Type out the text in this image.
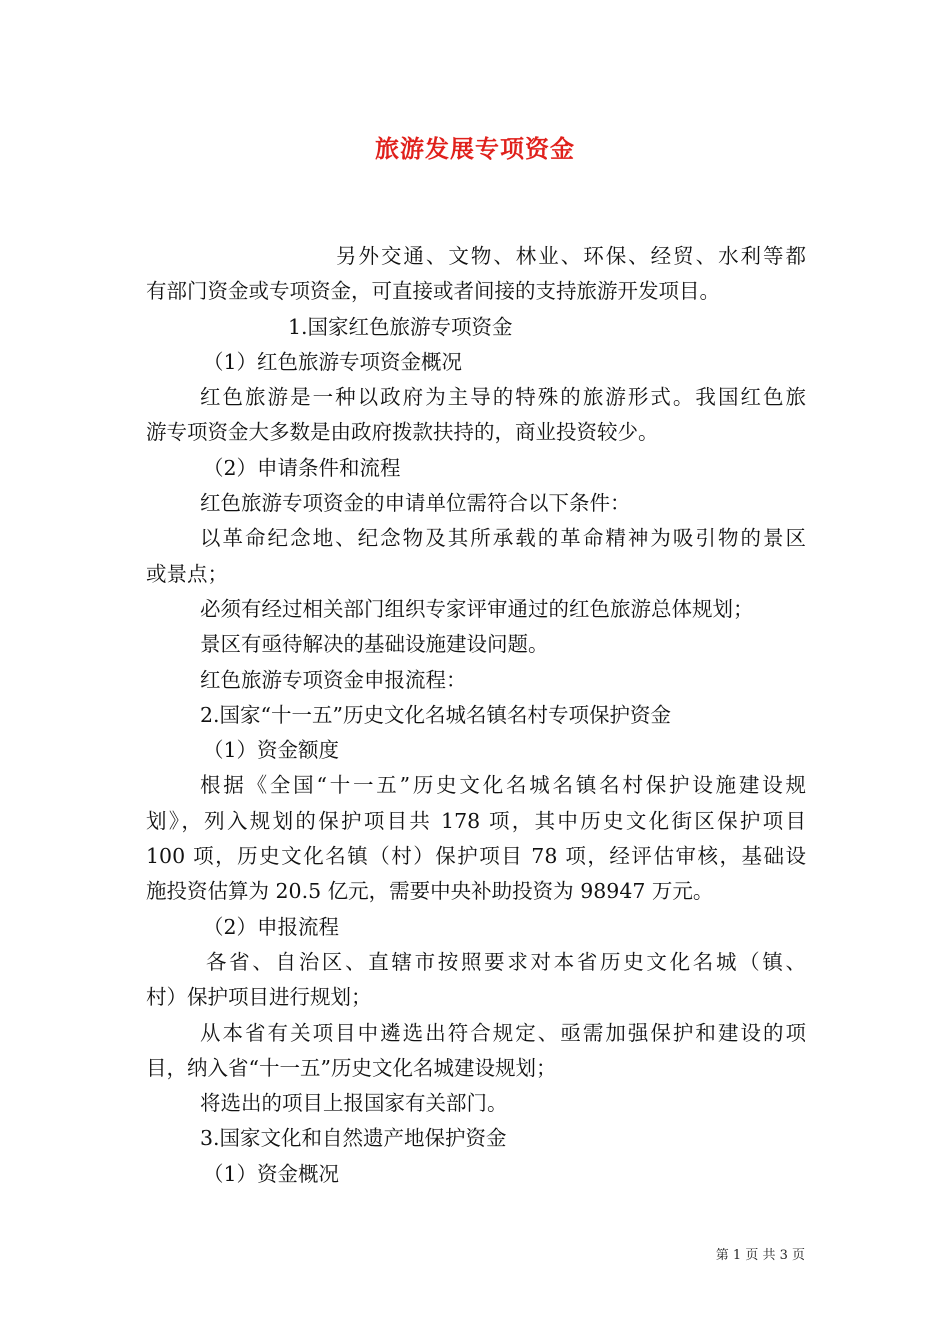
旅游发展专项资金
另外交通、文物、林业、环保、经贸、水利等都
有部门资金或专项资金，可直接或者间接的支持旅游开发项目。
1.国家红色旅游专项资金
（1）红色旅游专项资金概况
红色旅游是一种以政府为主导的特殊的旅游形式。我国红色旅
游专项资金大多数是由政府拨款扶持的，商业投资较少。
（2）申请条件和流程
红色旅游专项资金的申请单位需符合以下条件：
以革命纪念地、纪念物及其所承载的革命精神为吸引物的景区
或景点；
必须有经过相关部门组织专家评审通过的红色旅游总体规划；
景区有亟待解决的基础设施建设问题。
红色旅游专项资金申报流程：
2.国家“十一五”历史文化名城名镇名村专项保护资金
（1）资金额度
根据《全国“十一五”历史文化名城名镇名村保护设施建设规
划》，列入规划的保护项目共 178 项，其中历史文化街区保护项目
100 项，历史文化名镇（村）保护项目 78 项，经评估审核，基础设
施投资估算为 20.5 亿元，需要中央补助投资为 98947 万元。
（2）申报流程
各省、自治区、直辖市按照要求对本省历史文化名城（镇、
村）保护项目进行规划；
从本省有关项目中遴选出符合规定、亟需加强保护和建设的项
目，纳入省“十一五”历史文化名城建设规划；
将选出的项目上报国家有关部门。
3.国家文化和自然遗产地保护资金
（1）资金概况
第 1 页 共 3 页
